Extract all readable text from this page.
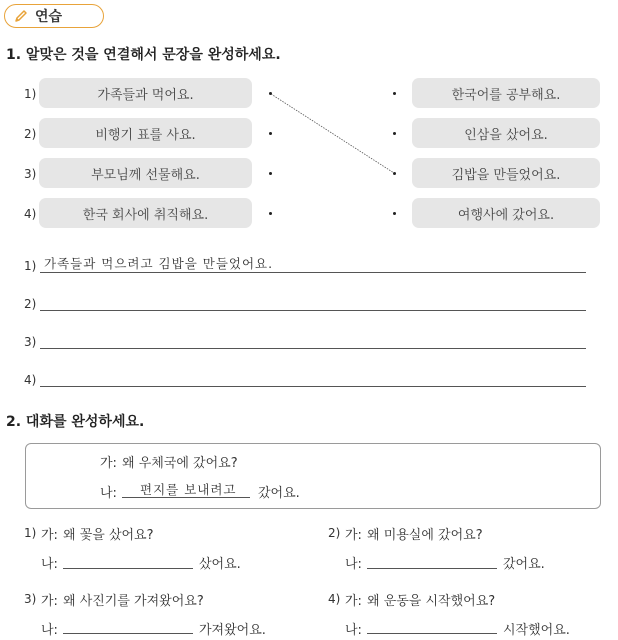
연습
1. 알맞은 것을 연결해서 문장을 완성하세요.
1)
2)
3)
4)
가족들과 먹어요.
비행기 표를 사요.
부모님께 선물해요.
한국 회사에 취직해요.
한국어를 공부해요.
인삼을 샀어요.
김밥을 만들었어요.
여행사에 갔어요.
1) 가족들과 먹으려고 김밥을 만들었어요.
2)
3)
4)
2. 대화를 완성하세요.
가: 왜 우체국에 갔어요?
나: 편지를 보내려고 갔어요.
1) 가: 왜 꽃을 샀어요?
나:	샀어요.
2) 가: 왜 미용실에 갔어요?
나:	갔어요.
3) 가: 왜 사진기를 가져왔어요?
나:	가져왔어요.
4) 가: 왜 운동을 시작했어요?
나:	시작했어요.
